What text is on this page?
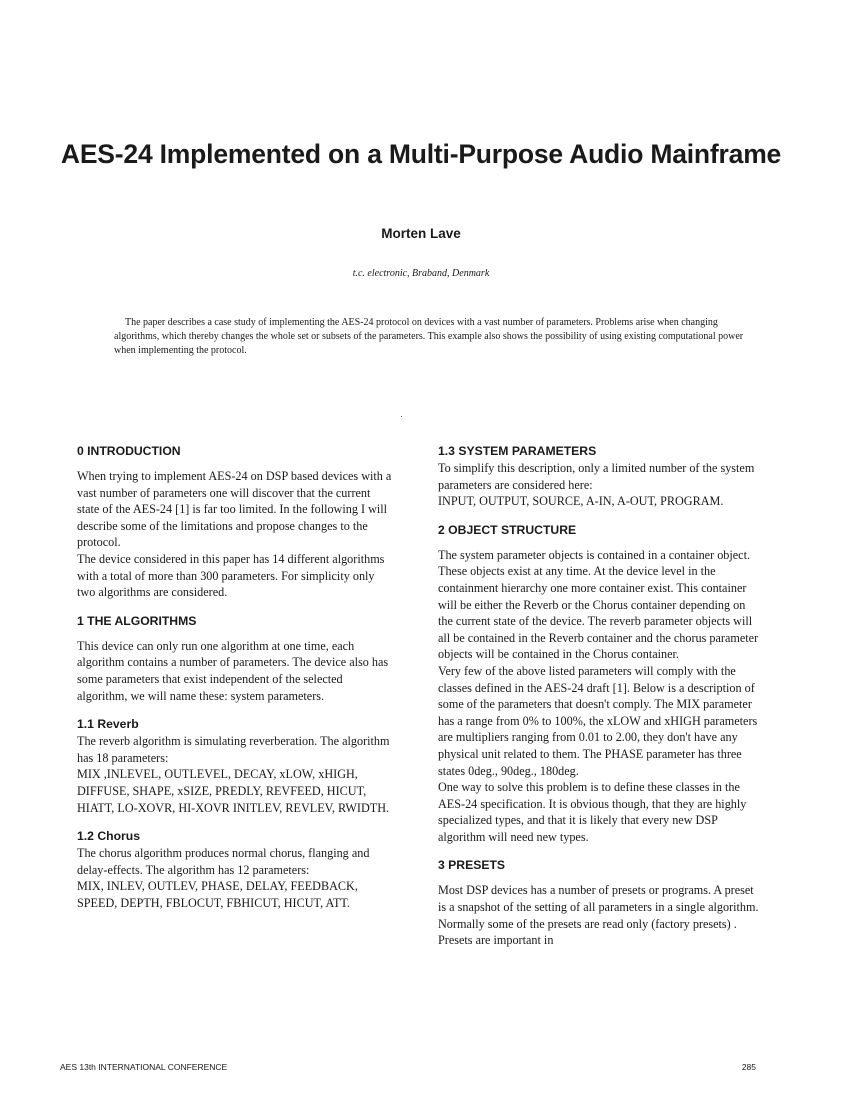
AES-24 Implemented on a Multi-Purpose Audio Mainframe

Morten Lave

t.c. electronic, Braband, Denmark

The paper describes a case study of implementing the AES-24 protocol on devices with a vast number of parameters. Problems arise when changing algorithms, which thereby changes the whole set or subsets of the parameters. This example also shows the possibility of using existing computational power when implementing the protocol.

0 INTRODUCTION

When trying to implement AES-24 on DSP based devices with a vast number of parameters one will discover that the current state of the AES-24 [1] is far too limited. In the following I will describe some of the limitations and propose changes to the protocol.

The device considered in this paper has 14 different algorithms with a total of more than 300 parameters. For simplicity only two algorithms are considered.

1 THE ALGORITHMS

This device can only run one algorithm at one time, each algorithm contains a number of parameters. The device also has some parameters that exist independent of the selected algorithm, we will name these: system parameters.

1.1 Reverb

The reverb algorithm is simulating reverberation. The algorithm has 18 parameters:

MIX ,INLEVEL, OUTLEVEL, DECAY, xLOW, xHIGH, DIFFUSE, SHAPE, xSIZE, PREDLY, REVFEED, HICUT, HIATT, LO-XOVR, HI-XOVR INITLEV, REVLEV, RWIDTH.

1.2 Chorus

The chorus algorithm produces normal chorus, flanging and delay-effects. The algorithm has 12 parameters:

MIX, INLEV, OUTLEV, PHASE, DELAY, FEEDBACK, SPEED, DEPTH, FBLOCUT, FBHICUT, HICUT, ATT.

1.3 SYSTEM PARAMETERS

To simplify this description, only a limited number of the system parameters are considered here:

INPUT, OUTPUT, SOURCE, A-IN, A-OUT, PROGRAM.

2 OBJECT STRUCTURE

The system parameter objects is contained in a container object. These objects exist at any time. At the device level in the containment hierarchy one more container exist. This container will be either the Reverb or the Chorus container depending on the current state of the device. The reverb parameter objects will all be contained in the Reverb container and the chorus parameter objects will be contained in the Chorus container.

Very few of the above listed parameters will comply with the classes defined in the AES-24 draft [1]. Below is a description of some of the parameters that doesn't comply. The MIX parameter has a range from 0% to 100%, the xLOW and xHIGH parameters are multipliers ranging from 0.01 to 2.00, they don't have any physical unit related to them. The PHASE parameter has three states 0deg., 90deg., 180deg.

One way to solve this problem is to define these classes in the AES-24 specification. It is obvious though, that they are highly specialized types, and that it is likely that every new DSP algorithm will need new types.

3 PRESETS

Most DSP devices has a number of presets or programs. A preset is a snapshot of the setting of all parameters in a single algorithm. Normally some of the presets are read only (factory presets) . Presets are important in

AES 13th INTERNATIONAL CONFERENCE	285
